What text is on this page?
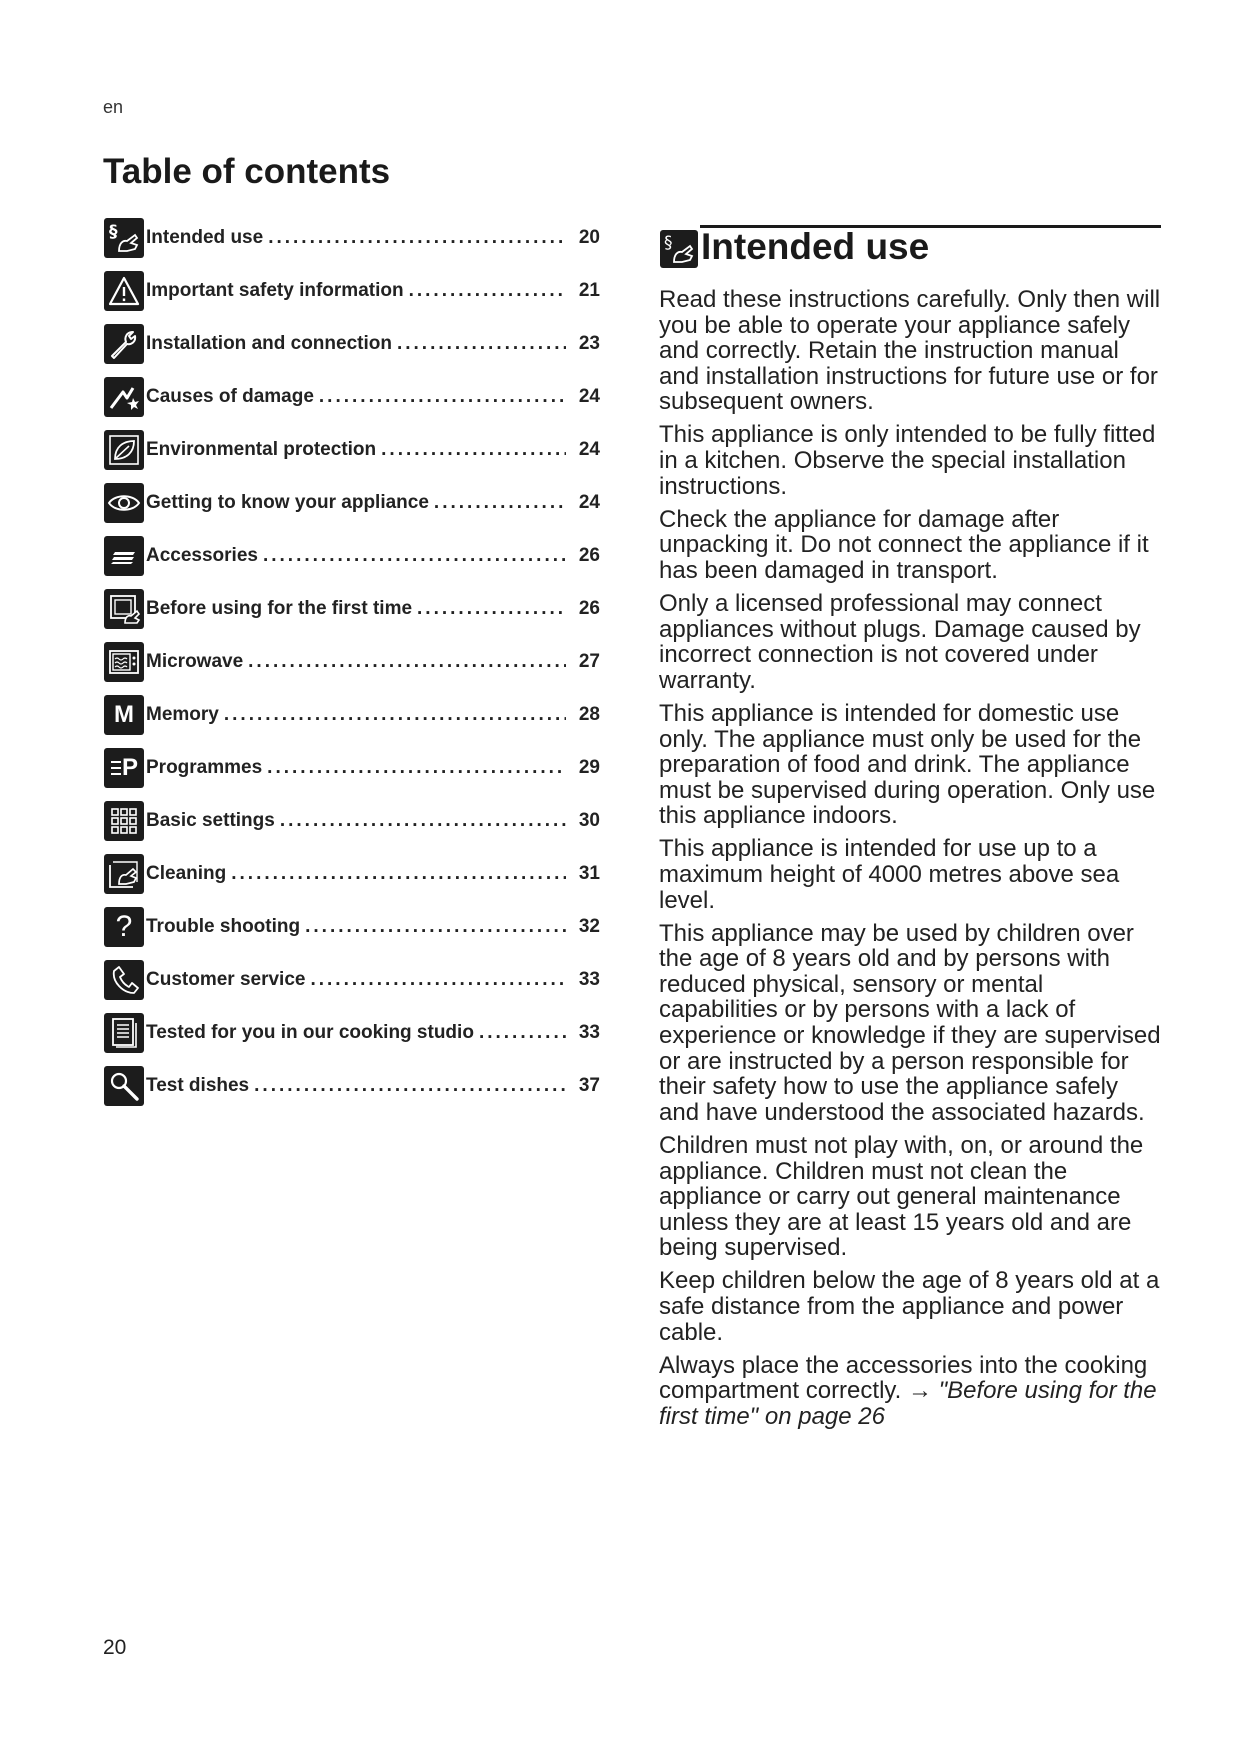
en
Table of contents
§ Intended use .....	20
Important safety information .....	21
Installation and connection .....	23
Causes of damage .....	24
Environmental protection .....	24
Getting to know your appliance .....	24
Accessories .....	26
Before using for the first time .....	26
Microwave .....	27
M Memory .....	28
P Programmes .....	29
Basic settings .....	30
Cleaning .....	31
? Trouble shooting .....	32
Customer service .....	33
Tested for you in our cooking studio .....	33
Test dishes .....	37
§ Intended use

Read these instructions carefully. Only then will you be able to operate your appliance safely and correctly. Retain the instruction manual and installation instructions for future use or for subsequent owners.

This appliance is only intended to be fully fitted in a kitchen. Observe the special installation instructions.

Check the appliance for damage after unpacking it. Do not connect the appliance if it has been damaged in transport.

Only a licensed professional may connect appliances without plugs. Damage caused by incorrect connection is not covered under warranty.

This appliance is intended for domestic use only. The appliance must only be used for the preparation of food and drink. The appliance must be supervised during operation. Only use this appliance indoors.

This appliance is intended for use up to a maximum height of 4000 metres above sea level.

This appliance may be used by children over the age of 8 years old and by persons with reduced physical, sensory or mental capabilities or by persons with a lack of experience or knowledge if they are supervised or are instructed by a person responsible for their safety how to use the appliance safely and have understood the associated hazards.

Children must not play with, on, or around the appliance. Children must not clean the appliance or carry out general maintenance unless they are at least 15 years old and are being supervised.

Keep children below the age of 8 years old at a safe distance from the appliance and power cable.

Always place the accessories into the cooking compartment correctly. → "Before using for the first time" on page 26

20
